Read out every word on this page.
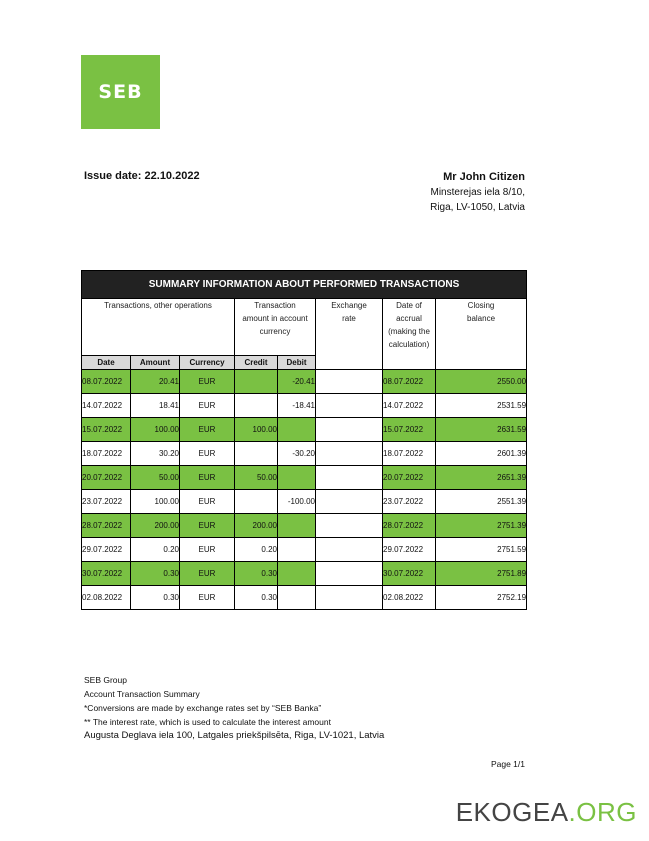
SEB
Issue date: 22.10.2022	Mr John Citizen
Minsterejas iela 8/10,
Riga, LV-1050, Latvia
SUMMARY INFORMATION ABOUT PERFORMED TRANSACTIONS							
Transactions, other operations			Transaction amount in account currency		Exchange rate	Date of accrual (making the calculation)	Closing balance
Date	Amount	Currency	Credit	Debit			
08.07.2022	20.41	EUR		-20.41		08.07.2022	2550.00
14.07.2022	18.41	EUR		-18.41		14.07.2022	2531.59
15.07.2022	100.00	EUR	100.00			15.07.2022	2631.59
18.07.2022	30.20	EUR		-30.20		18.07.2022	2601.39
20.07.2022	50.00	EUR	50.00			20.07.2022	2651.39
23.07.2022	100.00	EUR		-100.00		23.07.2022	2551.39
28.07.2022	200.00	EUR	200.00			28.07.2022	2751.39
29.07.2022	0.20	EUR	0.20			29.07.2022	2751.59
30.07.2022	0.30	EUR	0.30			30.07.2022	2751.89
02.08.2022	0.30	EUR	0.30			02.08.2022	2752.19
SEB Group
Account Transaction Summary
*Conversions are made by exchange rates set by “SEB Banka”
** The interest rate, which is used to calculate the interest amount
Augusta Deglava iela 100, Latgales priekšpilsēta, Riga, LV-1021, Latvia
Page 1/1
EKOGEA.ORG
